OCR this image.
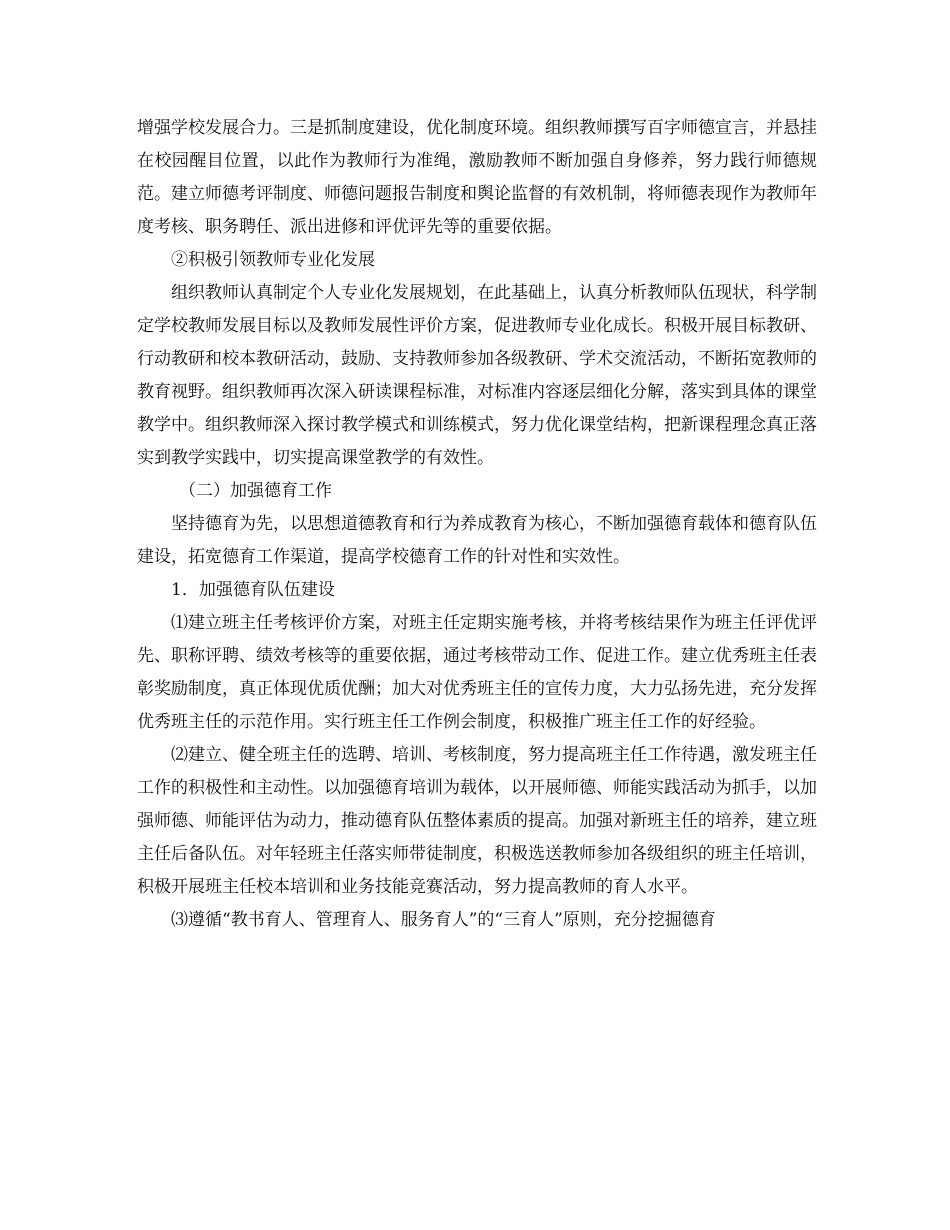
增强学校发展合力。三是抓制度建设，优化制度环境。组织教师撰写百字师德宣言，并悬挂在校园醒目位置，以此作为教师行为准绳，激励教师不断加强自身修养，努力践行师德规范。建立师德考评制度、师德问题报告制度和舆论监督的有效机制，将师德表现作为教师年度考核、职务聘任、派出进修和评优评先等的重要依据。

②积极引领教师专业化发展

组织教师认真制定个人专业化发展规划，在此基础上，认真分析教师队伍现状，科学制定学校教师发展目标以及教师发展性评价方案，促进教师专业化成长。积极开展目标教研、行动教研和校本教研活动，鼓励、支持教师参加各级教研、学术交流活动，不断拓宽教师的教育视野。组织教师再次深入研读课程标准，对标准内容逐层细化分解，落实到具体的课堂教学中。组织教师深入探讨教学模式和训练模式，努力优化课堂结构，把新课程理念真正落实到教学实践中，切实提高课堂教学的有效性。

（二）加强德育工作

坚持德育为先，以思想道德教育和行为养成教育为核心，不断加强德育载体和德育队伍建设，拓宽德育工作渠道，提高学校德育工作的针对性和实效性。

1．加强德育队伍建设

⑴建立班主任考核评价方案，对班主任定期实施考核，并将考核结果作为班主任评优评先、职称评聘、绩效考核等的重要依据，通过考核带动工作、促进工作。建立优秀班主任表彰奖励制度，真正体现优质优酬；加大对优秀班主任的宣传力度，大力弘扬先进，充分发挥优秀班主任的示范作用。实行班主任工作例会制度，积极推广班主任工作的好经验。

⑵建立、健全班主任的选聘、培训、考核制度，努力提高班主任工作待遇，激发班主任工作的积极性和主动性。以加强德育培训为载体，以开展师德、师能实践活动为抓手，以加强师德、师能评估为动力，推动德育队伍整体素质的提高。加强对新班主任的培养，建立班主任后备队伍。对年轻班主任落实师带徒制度，积极选送教师参加各级组织的班主任培训，积极开展班主任校本培训和业务技能竞赛活动，努力提高教师的育人水平。

⑶遵循“教书育人、管理育人、服务育人”的“三育人”原则，充分挖掘德育
